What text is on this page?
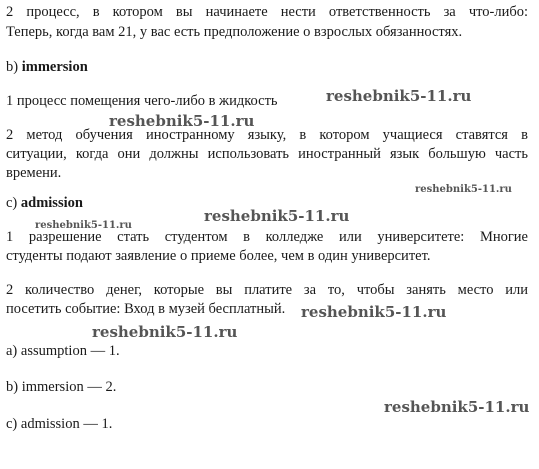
2 процесс, в котором вы начинаете нести ответственность за что-либо:
Теперь, когда вам 21, у вас есть предположение о взрослых обязанностях.
b) immersion
1 процесс помещения чего-либо в жидкость
2 метод обучения иностранному языку, в котором учащиеся ставятся в
ситуации, когда они должны использовать иностранный язык большую часть
времени.
c) admission
1 разрешение стать студентом в колледже или университете: Многие
студенты подают заявление о приеме более, чем в один университет.
2 количество денег, которые вы платите за то, чтобы занять место или
посетить событие: Вход в музей бесплатный.
a) assumption — 1.
b) immersion — 2.
c) admission — 1.
reshebnik5-11.ru
reshebnik5-11.ru
reshebnik5-11.ru
reshebnik5-11.ru
reshebnik5-11.ru
reshebnik5-11.ru
reshebnik5-11.ru
reshebnik5-11.ru
